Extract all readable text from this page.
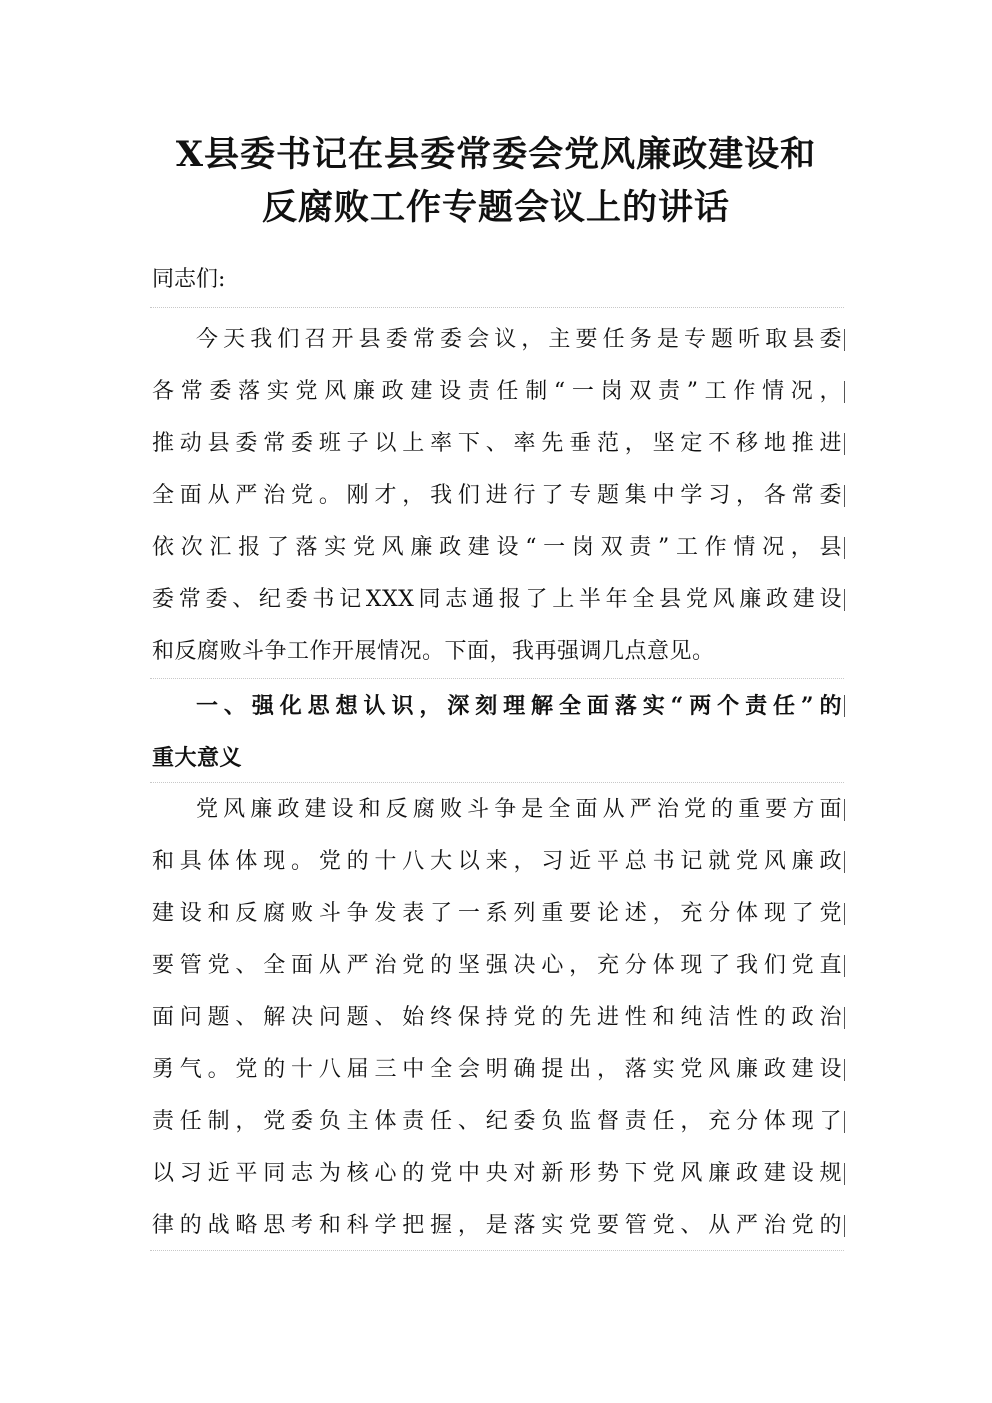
X县委书记在县委常委会党风廉政建设和
反腐败工作专题会议上的讲话
同志们:
今天我们召开县委常委会议，主要任务是专题听取县委
各常委落实党风廉政建设责任制“一岗双责”工作情况，
推动县委常委班子以上率下、率先垂范，坚定不移地推进
全面从严治党。刚才，我们进行了专题集中学习，各常委
依次汇报了落实党风廉政建设“一岗双责”工作情况，县
委常委、纪委书记XXX同志通报了上半年全县党风廉政建设
和反腐败斗争工作开展情况。下面，我再强调几点意见。
一、强化思想认识，深刻理解全面落实“两个责任”的
重大意义
党风廉政建设和反腐败斗争是全面从严治党的重要方面
和具体体现。党的十八大以来，习近平总书记就党风廉政
建设和反腐败斗争发表了一系列重要论述，充分体现了党
要管党、全面从严治党的坚强决心，充分体现了我们党直
面问题、解决问题、始终保持党的先进性和纯洁性的政治
勇气。党的十八届三中全会明确提出，落实党风廉政建设
责任制，党委负主体责任、纪委负监督责任，充分体现了
以习近平同志为核心的党中央对新形势下党风廉政建设规
律的战略思考和科学把握，是落实党要管党、从严治党的
